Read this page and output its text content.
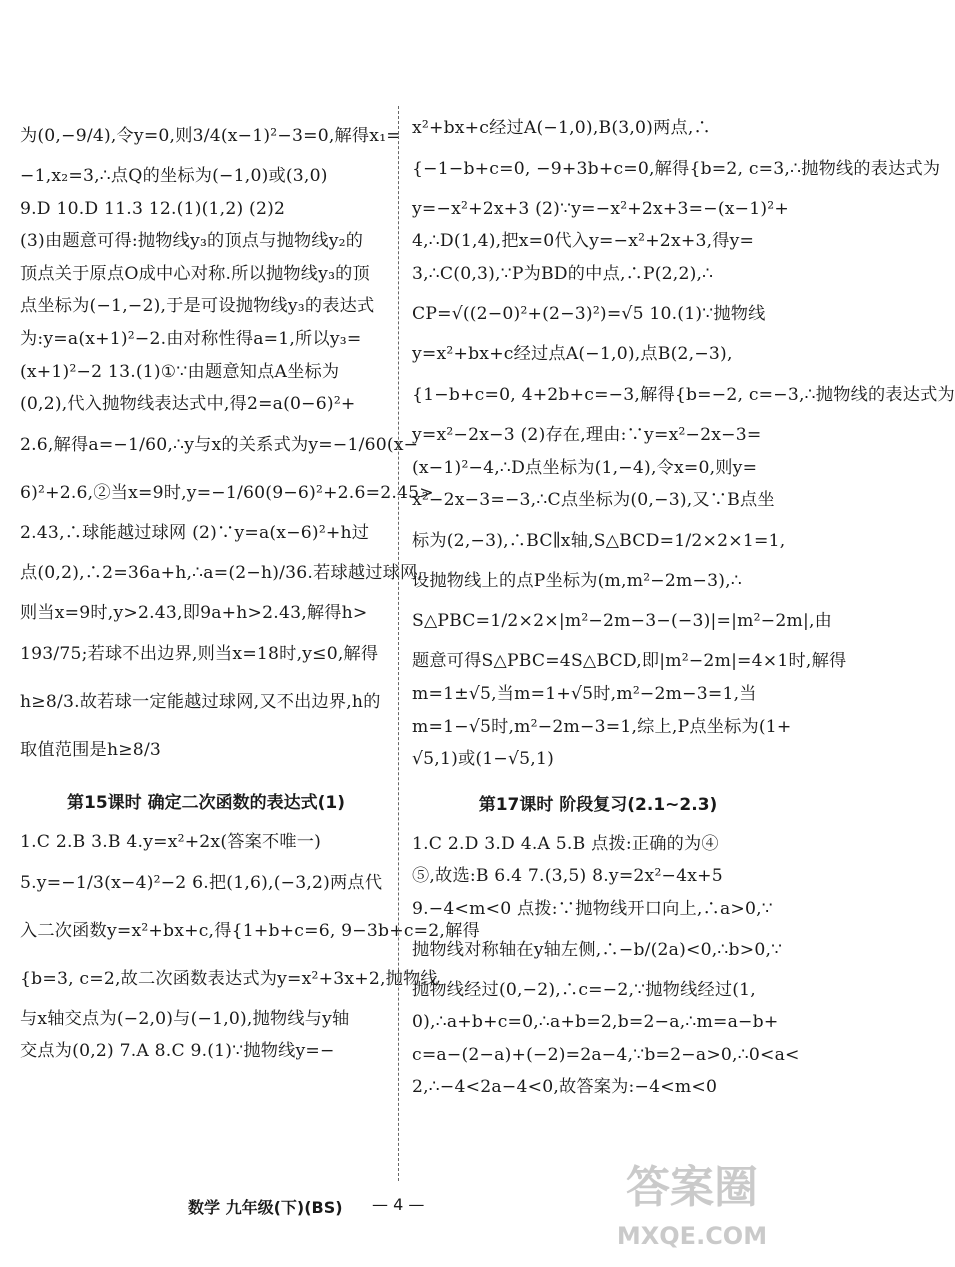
为(0,−9/4),令y=0,则3/4(x−1)²−3=0,解得x₁=
−1,x₂=3,∴点Q的坐标为(−1,0)或(3,0)
9.D 10.D 11.3 12.(1)(1,2) (2)2
(3)由题意可得:抛物线y₃的顶点与抛物线y₂的
顶点关于原点O成中心对称.所以抛物线y₃的顶
点坐标为(−1,−2),于是可设抛物线y₃的表达式
为:y=a(x+1)²−2.由对称性得a=1,所以y₃=
(x+1)²−2 13.(1)①∵由题意知点A坐标为
(0,2),代入抛物线表达式中,得2=a(0−6)²+
2.6,解得a=−1/60,∴y与x的关系式为y=−1/60(x−
6)²+2.6,②当x=9时,y=−1/60(9−6)²+2.6=2.45>
2.43,∴球能越过球网 (2)∵y=a(x−6)²+h过
点(0,2),∴2=36a+h,∴a=(2−h)/36.若球越过球网,
则当x=9时,y>2.43,即9a+h>2.43,解得h>
193/75;若球不出边界,则当x=18时,y≤0,解得
h≥8/3.故若球一定能越过球网,又不出边界,h的
取值范围是h≥8/3
第15课时 确定二次函数的表达式(1)
1.C 2.B 3.B 4.y=x²+2x(答案不唯一)
5.y=−1/3(x−4)²−2 6.把(1,6),(−3,2)两点代
入二次函数y=x²+bx+c,得{1+b+c=6, 9−3b+c=2,解得
{b=3, c=2,故二次函数表达式为y=x²+3x+2,抛物线
与x轴交点为(−2,0)与(−1,0),抛物线与y轴
交点为(0,2) 7.A 8.C 9.(1)∵抛物线y=−
x²+bx+c经过A(−1,0),B(3,0)两点,∴
{−1−b+c=0, −9+3b+c=0,解得{b=2, c=3,∴抛物线的表达式为
y=−x²+2x+3 (2)∵y=−x²+2x+3=−(x−1)²+
4,∴D(1,4),把x=0代入y=−x²+2x+3,得y=
3,∴C(0,3),∵P为BD的中点,∴P(2,2),∴
CP=√((2−0)²+(2−3)²)=√5 10.(1)∵抛物线
y=x²+bx+c经过点A(−1,0),点B(2,−3),
{1−b+c=0, 4+2b+c=−3,解得{b=−2, c=−3,∴抛物线的表达式为
y=x²−2x−3 (2)存在,理由:∵y=x²−2x−3=
(x−1)²−4,∴D点坐标为(1,−4),令x=0,则y=
x²−2x−3=−3,∴C点坐标为(0,−3),又∵B点坐
标为(2,−3),∴BC∥x轴,S△BCD=1/2×2×1=1,
设抛物线上的点P坐标为(m,m²−2m−3),∴
S△PBC=1/2×2×|m²−2m−3−(−3)|=|m²−2m|,由
题意可得S△PBC=4S△BCD,即|m²−2m|=4×1时,解得
m=1±√5,当m=1+√5时,m²−2m−3=1,当
m=1−√5时,m²−2m−3=1,综上,P点坐标为(1+
√5,1)或(1−√5,1)
第17课时 阶段复习(2.1~2.3)
1.C 2.D 3.D 4.A 5.B 点拨:正确的为④
⑤,故选:B 6.4 7.(3,5) 8.y=2x²−4x+5
9.−4<m<0 点拨:∵抛物线开口向上,∴a>0,∵
抛物线对称轴在y轴左侧,∴−b/(2a)<0,∴b>0,∵
抛物线经过(0,−2),∴c=−2,∵抛物线经过(1,
0),∴a+b+c=0,∴a+b=2,b=2−a,∴m=a−b+
c=a−(2−a)+(−2)=2a−4,∵b=2−a>0,∴0<a<
2,∴−4<2a−4<0,故答案为:−4<m<0
数学 九年级(下)(BS) — 4 —	答案圈
MXQE.COM
